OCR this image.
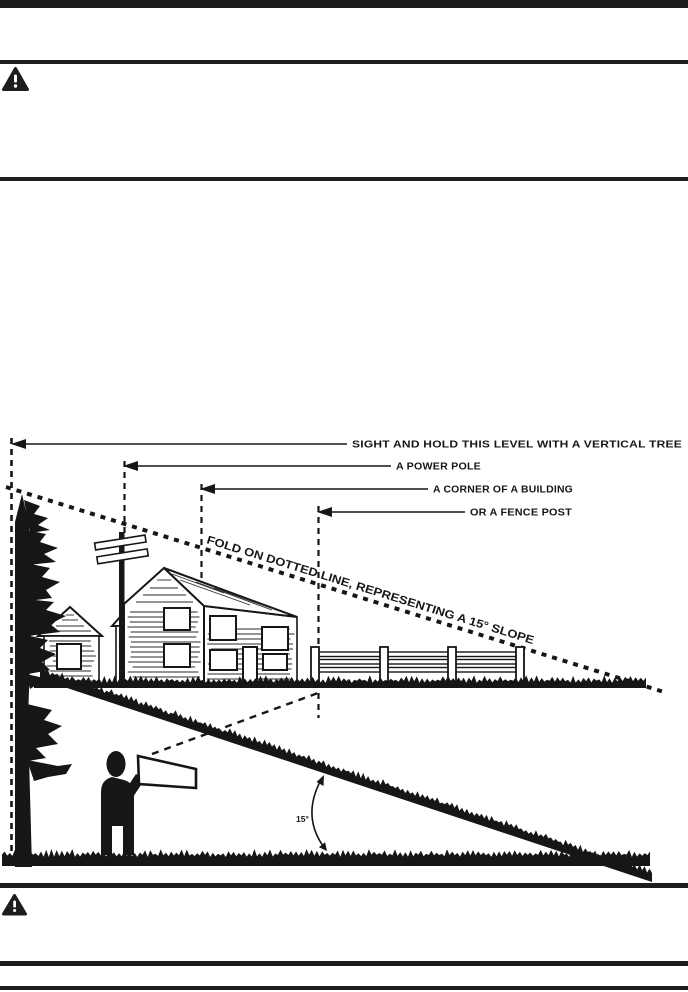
SIGHT AND HOLD THIS LEVEL WITH A VERTICAL TREE
A POWER POLE
A CORNER OF A BUILDING
OR A FENCE POST
FOLD ON DOTTED LINE, REPRESENTING A 15° SLOPE
15°
